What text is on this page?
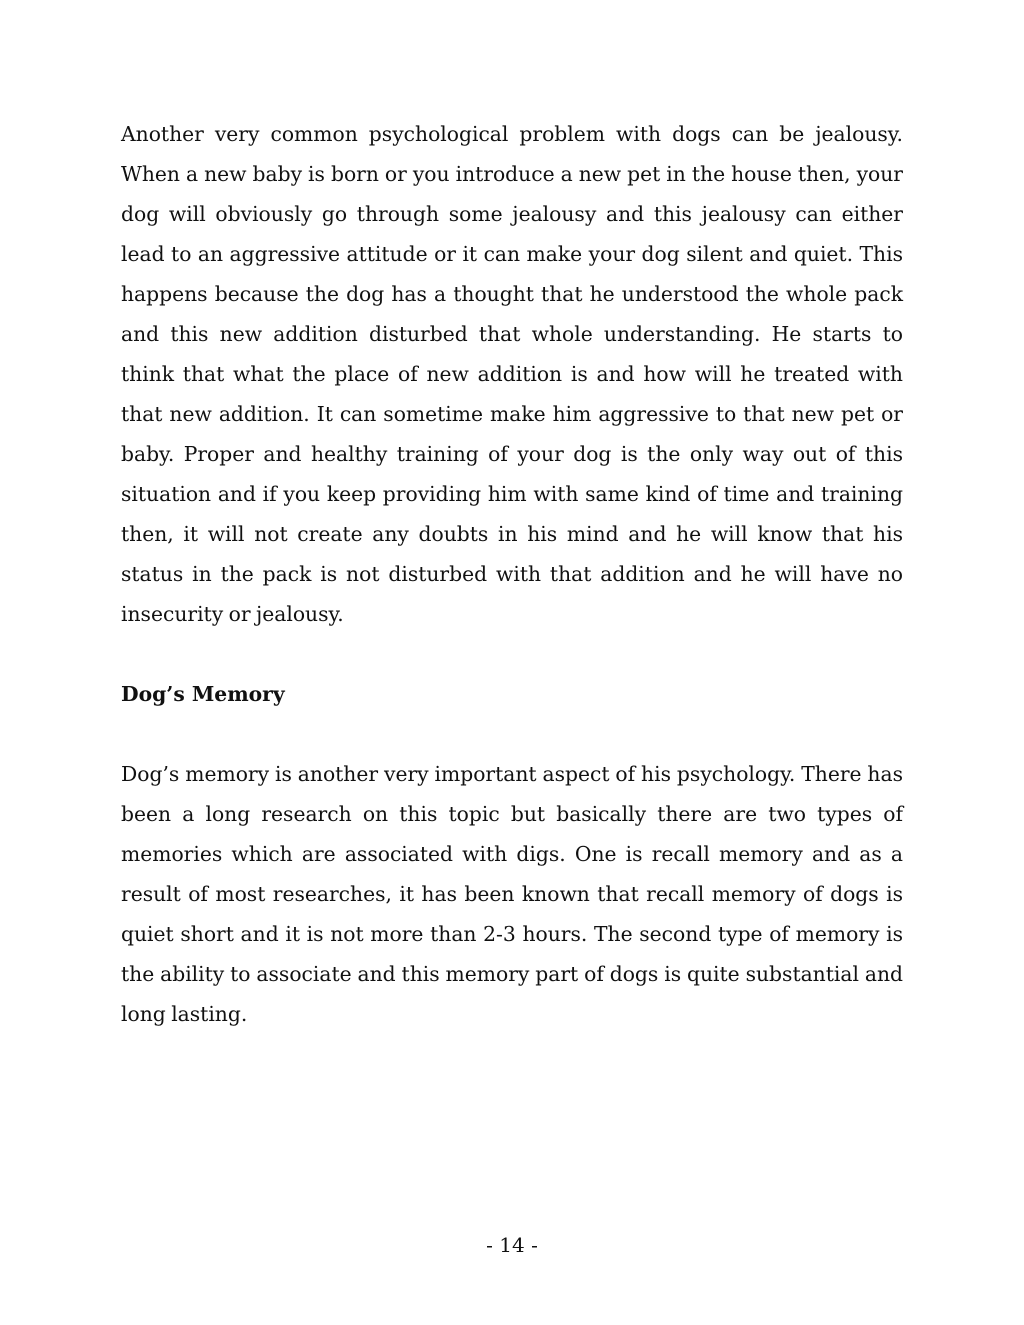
Another very common psychological problem with dogs can be jealousy. When a new baby is born or you introduce a new pet in the house then, your dog will obviously go through some jealousy and this jealousy can either lead to an aggressive attitude or it can make your dog silent and quiet. This happens because the dog has a thought that he understood the whole pack and this new addition disturbed that whole understanding. He starts to think that what the place of new addition is and how will he treated with that new addition. It can sometime make him aggressive to that new pet or baby. Proper and healthy training of your dog is the only way out of this situation and if you keep providing him with same kind of time and training then, it will not create any doubts in his mind and he will know that his status in the pack is not disturbed with that addition and he will have no insecurity or jealousy.

Dog’s Memory

Dog’s memory is another very important aspect of his psychology. There has been a long research on this topic but basically there are two types of memories which are associated with digs. One is recall memory and as a result of most researches, it has been known that recall memory of dogs is quiet short and it is not more than 2-3 hours. The second type of memory is the ability to associate and this memory part of dogs is quite substantial and long lasting.

- 14 -
